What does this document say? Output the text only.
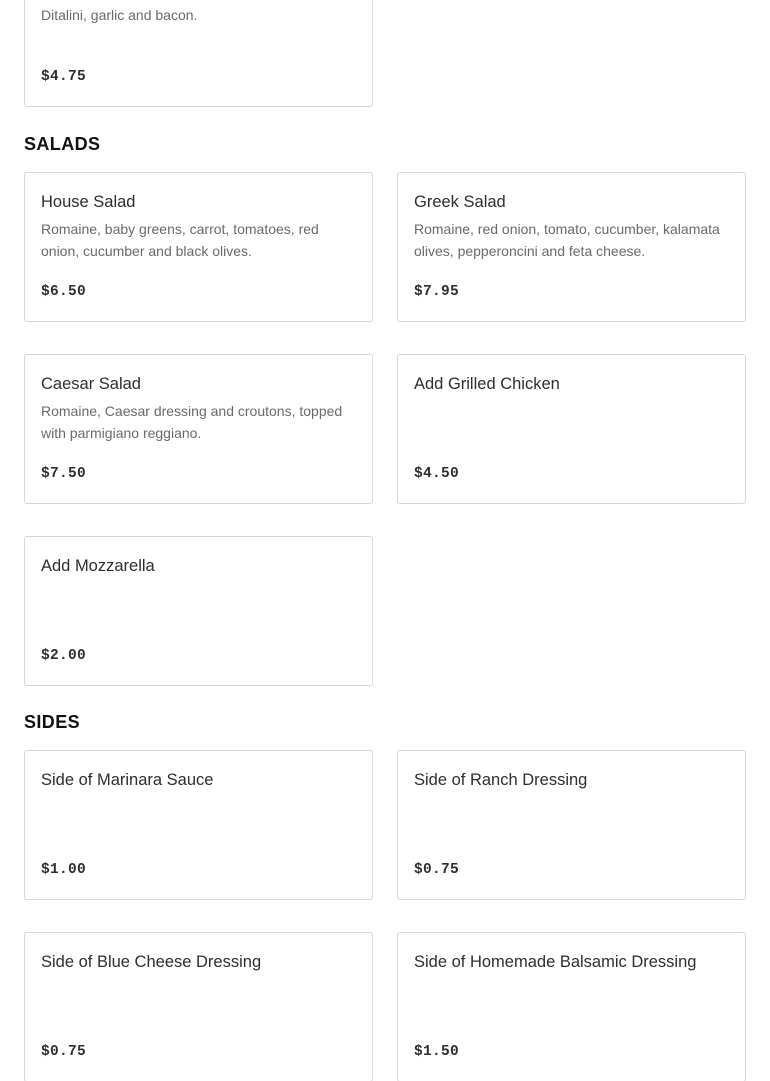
Ditalini, garlic and bacon.
$4.75
SALADS
House Salad
Romaine, baby greens, carrot, tomatoes, red onion, cucumber and black olives.
$6.50
Greek Salad
Romaine, red onion, tomato, cucumber, kalamata olives, pepperoncini and feta cheese.
$7.95
Caesar Salad
Romaine, Caesar dressing and croutons, topped with parmigiano reggiano.
$7.50
Add Grilled Chicken
$4.50
Add Mozzarella
$2.00
SIDES
Side of Marinara Sauce
$1.00
Side of Ranch Dressing
$0.75
Side of Blue Cheese Dressing
$0.75
Side of Homemade Balsamic Dressing
$1.50
